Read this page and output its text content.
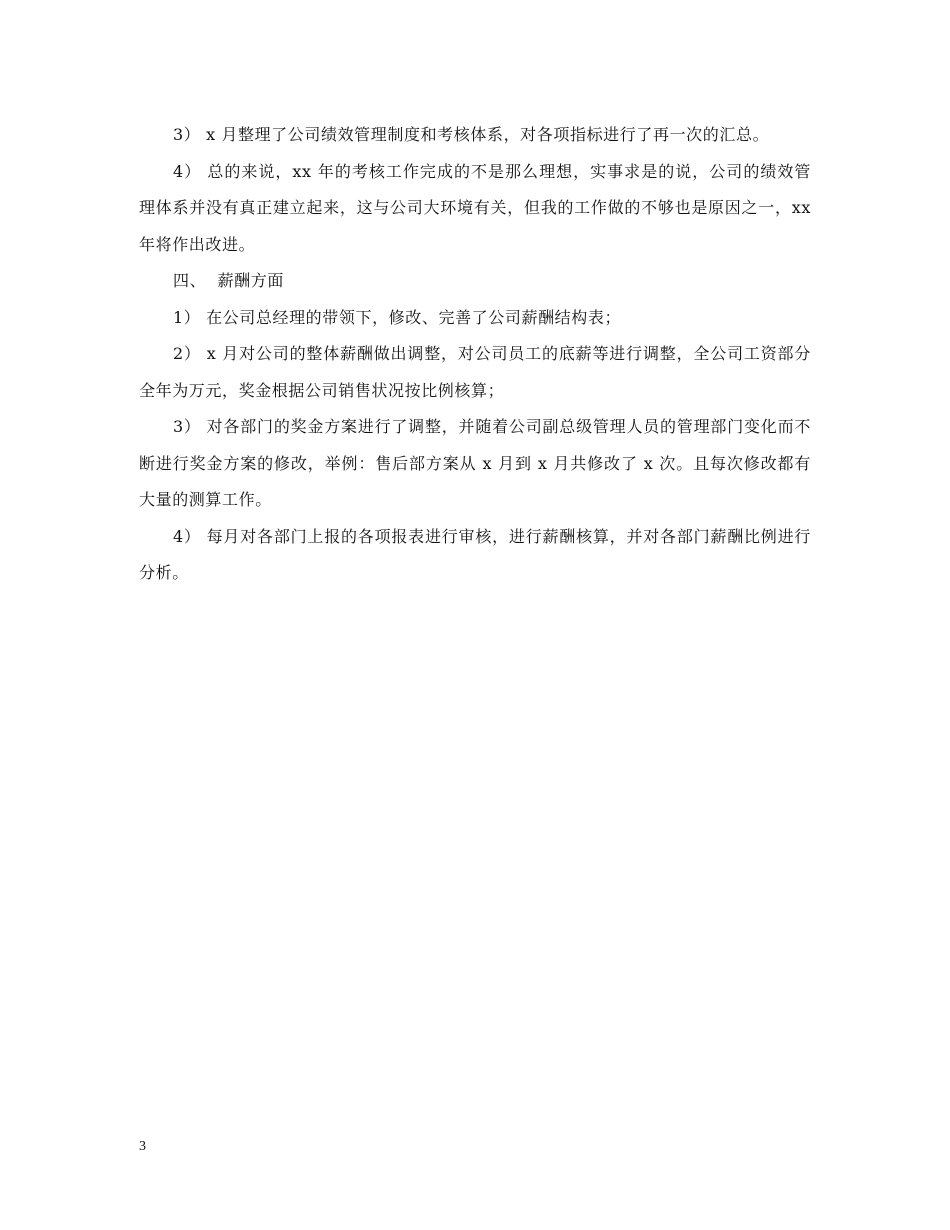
3） x 月整理了公司绩效管理制度和考核体系，对各项指标进行了再一次的汇总。

4） 总的来说，xx 年的考核工作完成的不是那么理想，实事求是的说，公司的绩效管理体系并没有真正建立起来，这与公司大环境有关，但我的工作做的不够也是原因之一，xx 年将作出改进。

四、  薪酬方面

1） 在公司总经理的带领下，修改、完善了公司薪酬结构表；

2） x 月对公司的整体薪酬做出调整，对公司员工的底薪等进行调整，全公司工资部分全年为万元，奖金根据公司销售状况按比例核算；

3） 对各部门的奖金方案进行了调整，并随着公司副总级管理人员的管理部门变化而不断进行奖金方案的修改，举例：售后部方案从 x 月到 x 月共修改了 x 次。且每次修改都有大量的测算工作。

4） 每月对各部门上报的各项报表进行审核，进行薪酬核算，并对各部门薪酬比例进行分析。

3
